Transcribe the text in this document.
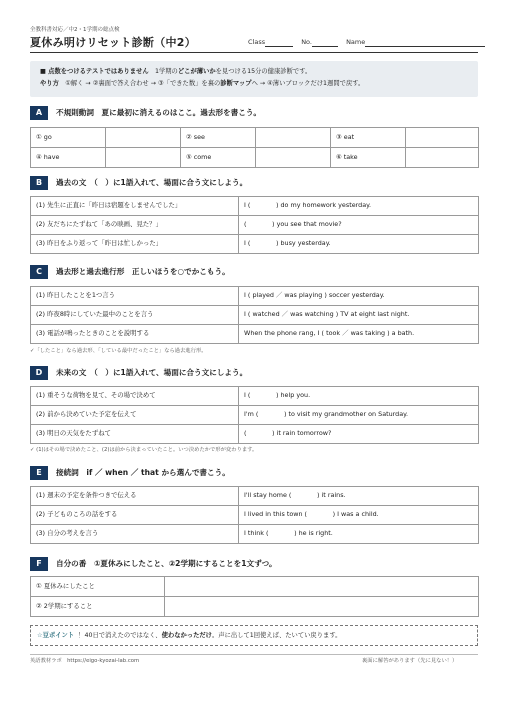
全教科書対応／中2・1学期の総点検
夏休み明けリセット診断（中2）	Class	No.	Name
■ 点数をつけるテストではありません　 1学期のどこが薄いかを見つける15分の健康診断です。
やり方　 ①解く → ②裏面で答え合わせ → ③「できた数」を裏の診断マップへ → ④薄いブロックだけ1週間で戻す。
A	不規則動詞　夏に最初に消えるのはここ。過去形を書こう。
① go		② see		③ eat	
④ have		⑤ come		⑥ take	
B	過去の文　（　）に1語入れて、場面に合う文にしよう。
(1) 先生に正直に「昨日は宿題をしませんでした」	I (　　　　) do my homework yesterday.
(2) 友だちにたずねて「あの映画、見た？」	(　　　　) you see that movie?
(3) 昨日をふり返って「昨日は忙しかった」	I (　　　　) busy yesterday.
C	過去形と過去進行形　正しいほうを○でかこもう。
(1) 昨日したことを1つ言う	I ( played ／ was playing ) soccer yesterday.
(2) 昨夜8時にしていた最中のことを言う	I ( watched ／ was watching ) TV at eight last night.
(3) 電話が鳴ったときのことを説明する	When the phone rang, I ( took ／ was taking ) a bath.
✓「したこと」なら過去形、「している最中だったこと」なら過去進行形。
D	未来の文　（　）に1語入れて、場面に合う文にしよう。
(1) 重そうな荷物を見て、その場で決めて	I (　　　　) help you.
(2) 前から決めていた予定を伝えて	I'm (　　　　) to visit my grandmother on Saturday.
(3) 明日の天気をたずねて	(　　　　) it rain tomorrow?
✓ (1)はその場で決めたこと、(2)は前から決まっていたこと。いつ決めたかで形が変わります。
E	接続詞　if ／ when ／ that から選んで書こう。
(1) 週末の予定を条件つきで伝える	I'll stay home (　　　　) it rains.
(2) 子どものころの話をする	I lived in this town (　　　　) I was a child.
(3) 自分の考えを言う	I think (　　　　) he is right.
F	自分の番　①夏休みにしたこと、②2学期にすることを1文ずつ。
① 夏休みにしたこと	
② 2学期にすること	
☆豆ポイント ！40日で消えたのではなく、 使わなかっただけ 。声に出して1回使えば、たいてい戻ります。
英語教材ラボ　https://eigo-kyozai-lab.com	裏面に解答があります（先に見ない！）
